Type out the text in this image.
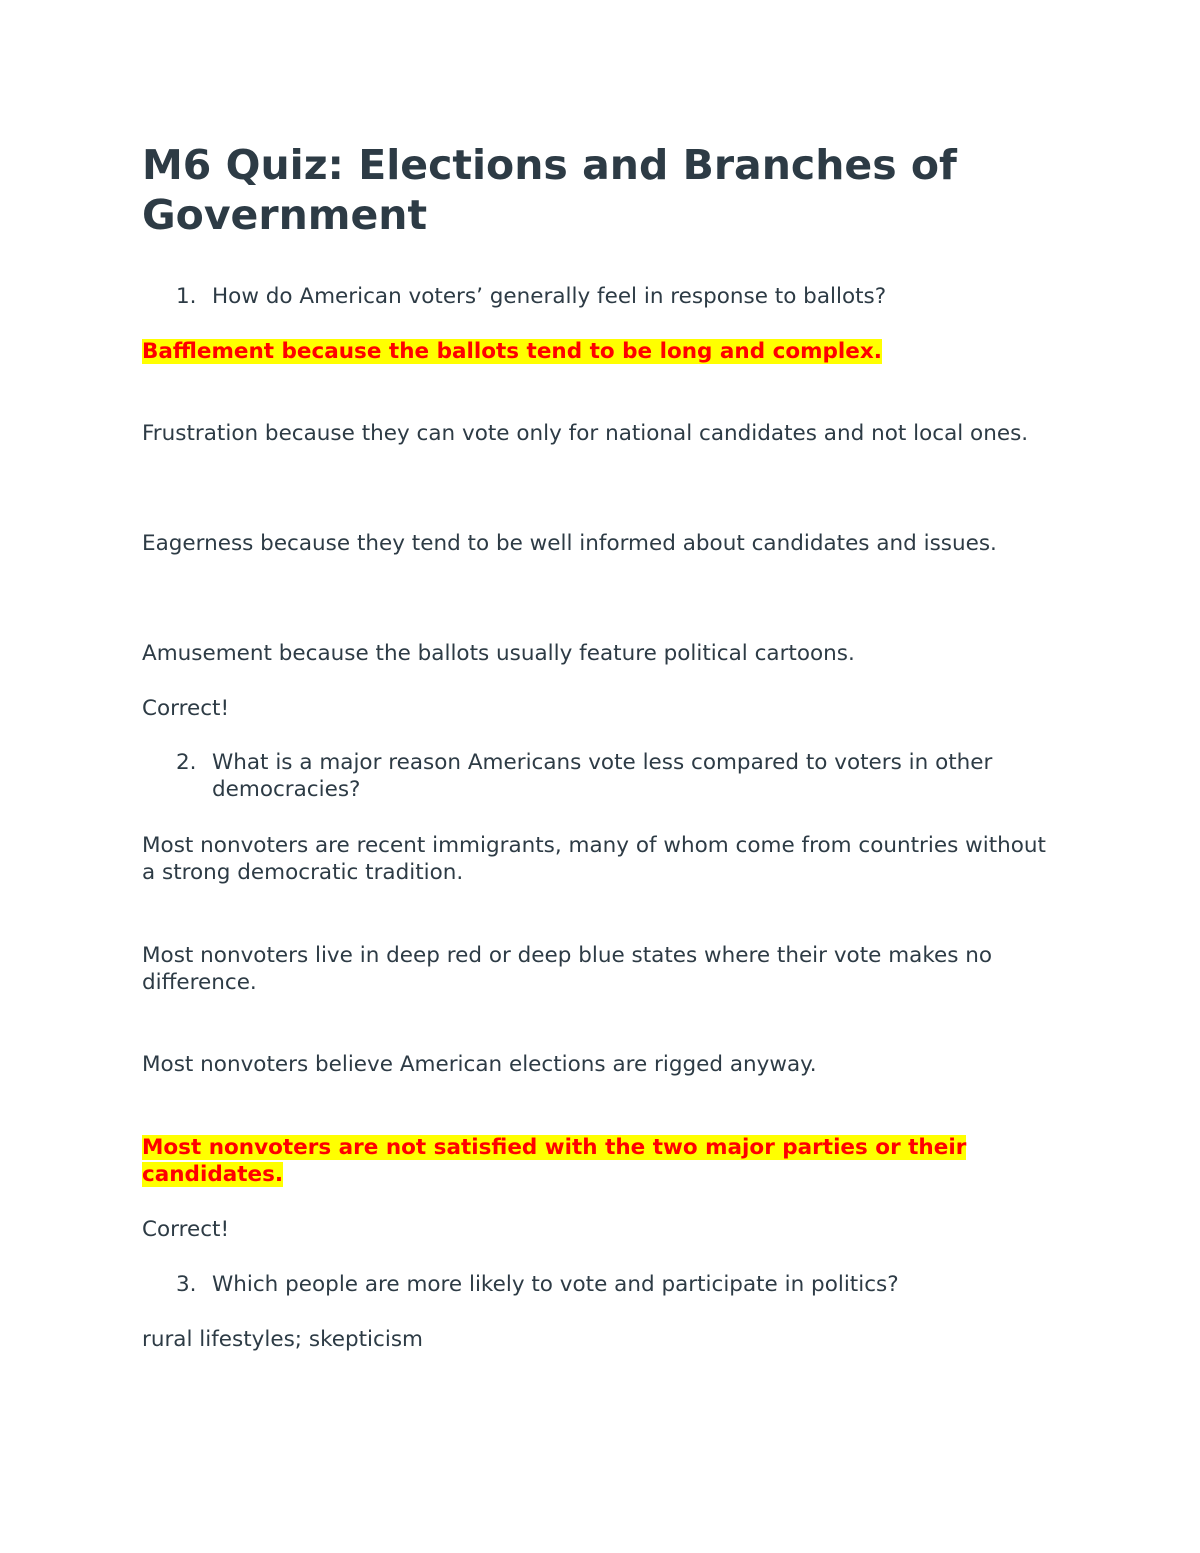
M6 Quiz: Elections and Branches of Government
1. How do American voters’ generally feel in response to ballots?

Bafflement because the ballots tend to be long and complex.

Frustration because they can vote only for national candidates and not local ones.

Eagerness because they tend to be well informed about candidates and issues.

Amusement because the ballots usually feature political cartoons.

Correct!

2. What is a major reason Americans vote less compared to voters in other democracies?

Most nonvoters are recent immigrants, many of whom come from countries without a strong democratic tradition.

Most nonvoters live in deep red or deep blue states where their vote makes no difference.

Most nonvoters believe American elections are rigged anyway.

Most nonvoters are not satisfied with the two major parties or their candidates.

Correct!

3. Which people are more likely to vote and participate in politics?

rural lifestyles; skepticism
